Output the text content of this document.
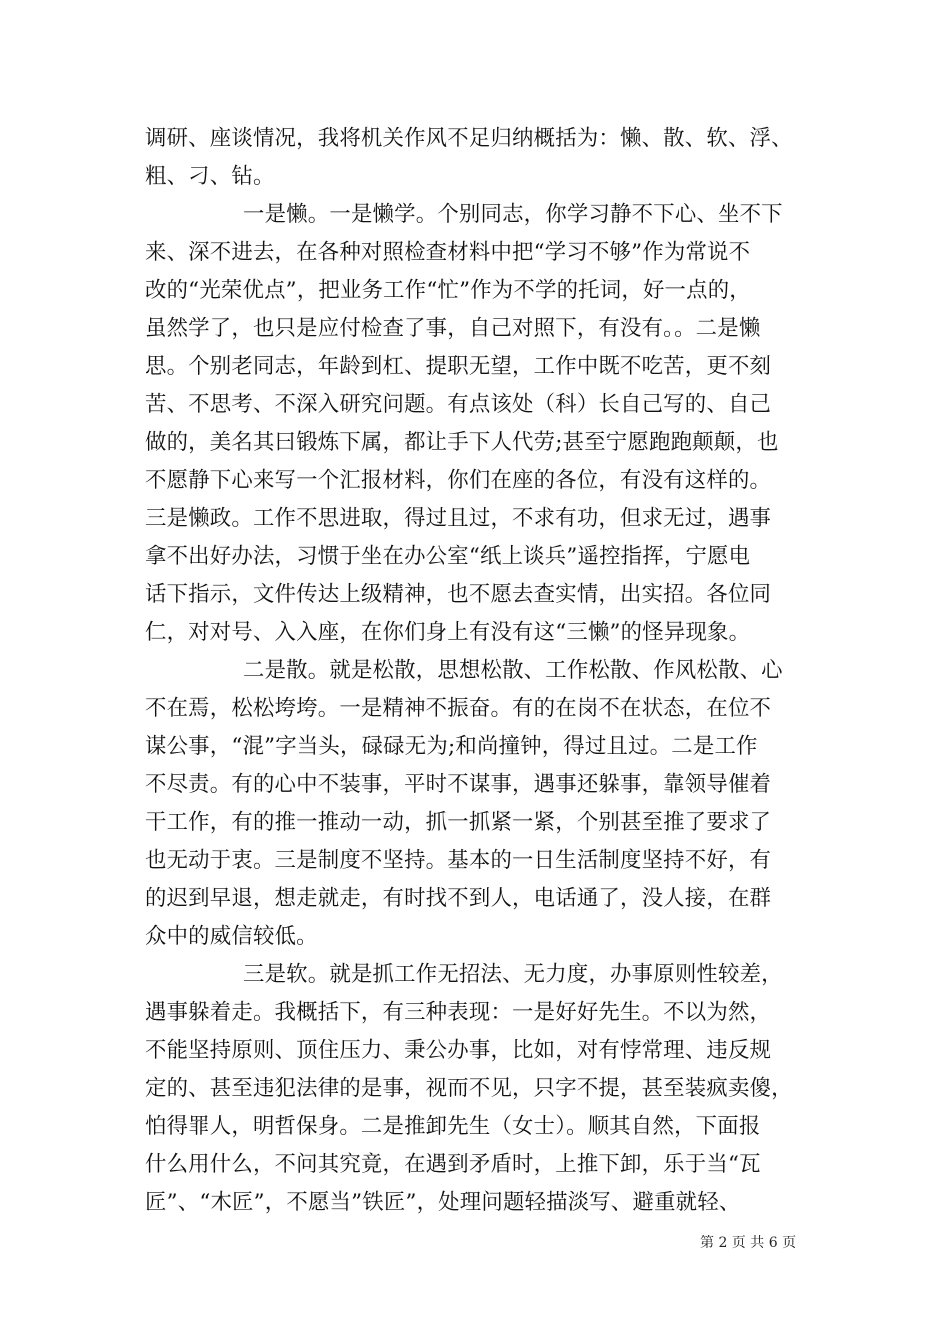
调研、座谈情况，我将机关作风不足归纳概括为：懒、散、软、浮、
粗、刁、钻。
一是懒。一是懒学。个别同志，你学习静不下心、坐不下
来、深不进去，在各种对照检查材料中把“学习不够”作为常说不
改的“光荣优点”，把业务工作“忙”作为不学的托词，好一点的，
虽然学了，也只是应付检查了事，自己对照下，有没有。。二是懒
思。个别老同志，年龄到杠、提职无望，工作中既不吃苦，更不刻
苦、不思考、不深入研究问题。有点该处（科）长自己写的、自己
做的，美名其曰锻炼下属，都让手下人代劳;甚至宁愿跑跑颠颠，也
不愿静下心来写一个汇报材料，你们在座的各位，有没有这样的。
三是懒政。工作不思进取，得过且过，不求有功，但求无过，遇事
拿不出好办法，习惯于坐在办公室“纸上谈兵”遥控指挥，宁愿电
话下指示，文件传达上级精神，也不愿去查实情，出实招。各位同
仁，对对号、入入座，在你们身上有没有这“三懒”的怪异现象。
二是散。就是松散，思想松散、工作松散、作风松散、心
不在焉，松松垮垮。一是精神不振奋。有的在岗不在状态，在位不
谋公事，“混”字当头，碌碌无为;和尚撞钟，得过且过。二是工作
不尽责。有的心中不装事，平时不谋事，遇事还躲事，靠领导催着
干工作，有的推一推动一动，抓一抓紧一紧，个别甚至推了要求了
也无动于衷。三是制度不坚持。基本的一日生活制度坚持不好，有
的迟到早退，想走就走，有时找不到人，电话通了，没人接，在群
众中的威信较低。
三是软。就是抓工作无招法、无力度，办事原则性较差，
遇事躲着走。我概括下，有三种表现：一是好好先生。不以为然，
不能坚持原则、顶住压力、秉公办事，比如，对有悖常理、违反规
定的、甚至违犯法律的是事，视而不见，只字不提，甚至装疯卖傻，
怕得罪人，明哲保身。二是推卸先生（女士）。顺其自然，下面报
什么用什么，不问其究竟，在遇到矛盾时，上推下卸，乐于当“瓦
匠”、“木匠”，不愿当”铁匠”，处理问题轻描淡写、避重就轻、
第 2 页 共 6 页
